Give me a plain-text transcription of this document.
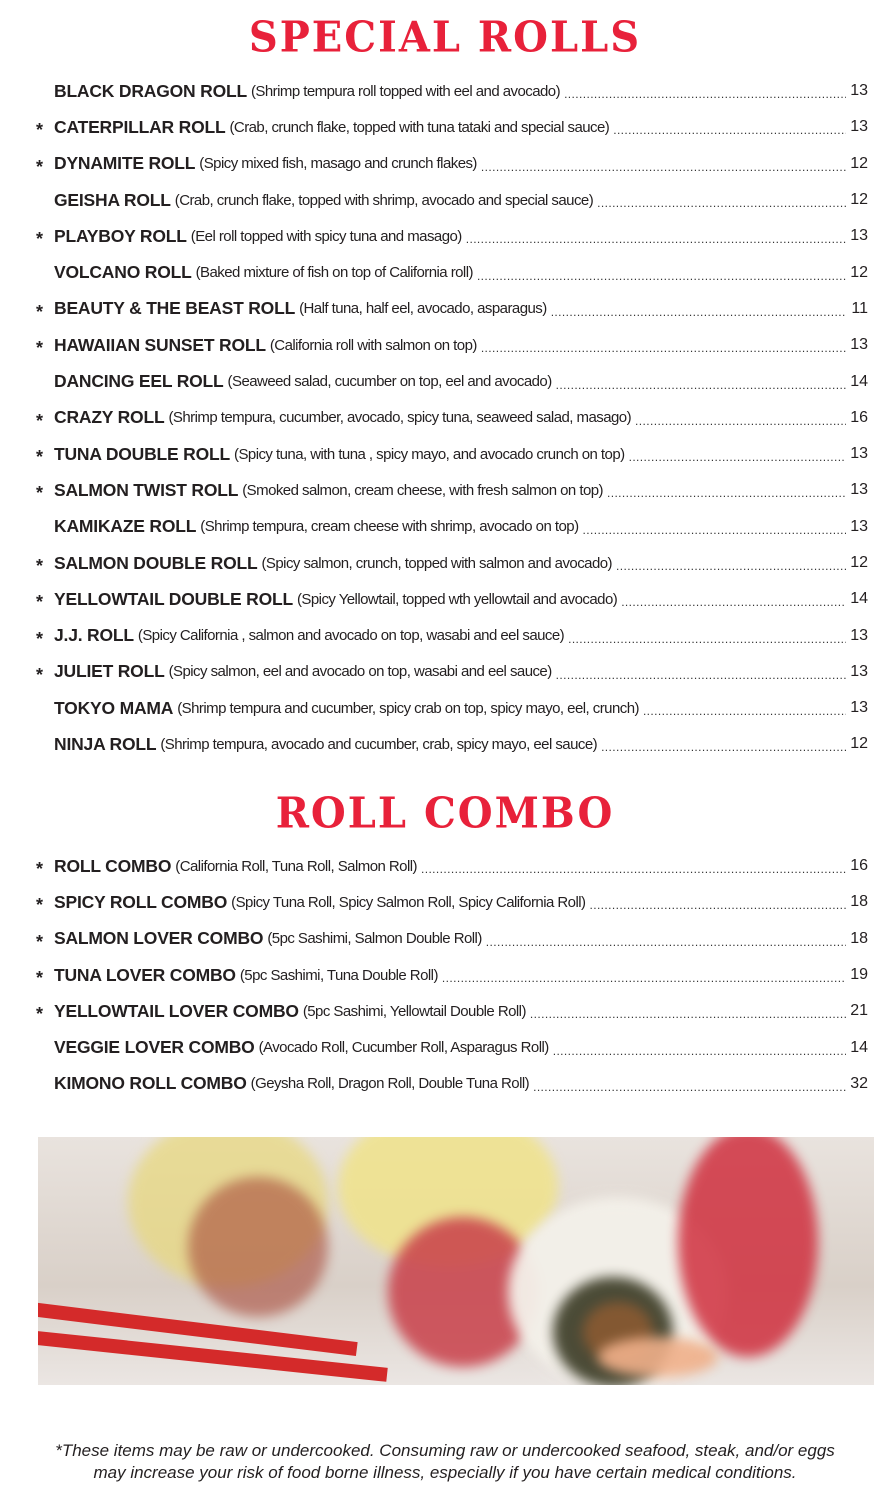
SPECIAL ROLLS
BLACK DRAGON ROLL (Shrimp tempura roll topped with eel and avocado) .....	13
* CATERPILLAR ROLL (Crab, crunch flake, topped with tuna tataki and special sauce) .....	13
* DYNAMITE ROLL (Spicy mixed fish, masago and crunch flakes) .....	12
GEISHA ROLL (Crab, crunch flake, topped with shrimp, avocado and special sauce) .....	12
* PLAYBOY ROLL (Eel roll topped with spicy tuna and masago) .....	13
VOLCANO ROLL (Baked mixture of fish on top of California roll) .....	12
* BEAUTY & THE BEAST ROLL (Half tuna, half eel, avocado, asparagus) .....	11
* HAWAIIAN SUNSET ROLL (California roll with salmon on top) .....	13
DANCING EEL ROLL (Seaweed salad, cucumber on top, eel and avocado) .....	14
* CRAZY ROLL (Shrimp tempura, cucumber, avocado, spicy tuna, seaweed salad, masago) .....	16
* TUNA DOUBLE ROLL (Spicy tuna, with tuna , spicy mayo, and avocado crunch on top) .....	13
* SALMON TWIST ROLL (Smoked salmon, cream cheese, with fresh salmon on top) .....	13
KAMIKAZE ROLL (Shrimp tempura, cream cheese with shrimp, avocado on top) .....	13
* SALMON DOUBLE ROLL (Spicy salmon, crunch, topped with salmon and avocado) .....	12
* YELLOWTAIL DOUBLE ROLL (Spicy Yellowtail, topped wth yellowtail and avocado) .....	14
* J.J. ROLL (Spicy California , salmon and avocado on top, wasabi and eel sauce) .....	13
* JULIET ROLL (Spicy salmon, eel and avocado on top, wasabi and eel sauce) .....	13
TOKYO MAMA (Shrimp tempura and cucumber, spicy crab on top, spicy mayo, eel, crunch) .....	13
NINJA ROLL (Shrimp tempura, avocado and cucumber, crab, spicy mayo, eel sauce) .....	12
ROLL COMBO
* ROLL COMBO (California Roll, Tuna Roll, Salmon Roll) .....	16
* SPICY ROLL COMBO (Spicy Tuna Roll, Spicy Salmon Roll, Spicy California Roll) .....	18
* SALMON LOVER COMBO (5pc Sashimi, Salmon Double Roll) .....	18
* TUNA LOVER COMBO (5pc Sashimi, Tuna Double Roll) .....	19
* YELLOWTAIL LOVER COMBO (5pc Sashimi, Yellowtail Double Roll) .....	21
VEGGIE LOVER COMBO (Avocado Roll, Cucumber Roll, Asparagus Roll) .....	14
KIMONO ROLL COMBO (Geysha Roll, Dragon Roll, Double Tuna Roll) .....	32
*These items may be raw or undercooked. Consuming raw or undercooked seafood, steak, and/or eggs
may increase your risk of food borne illness, especially if you have certain medical conditions.
